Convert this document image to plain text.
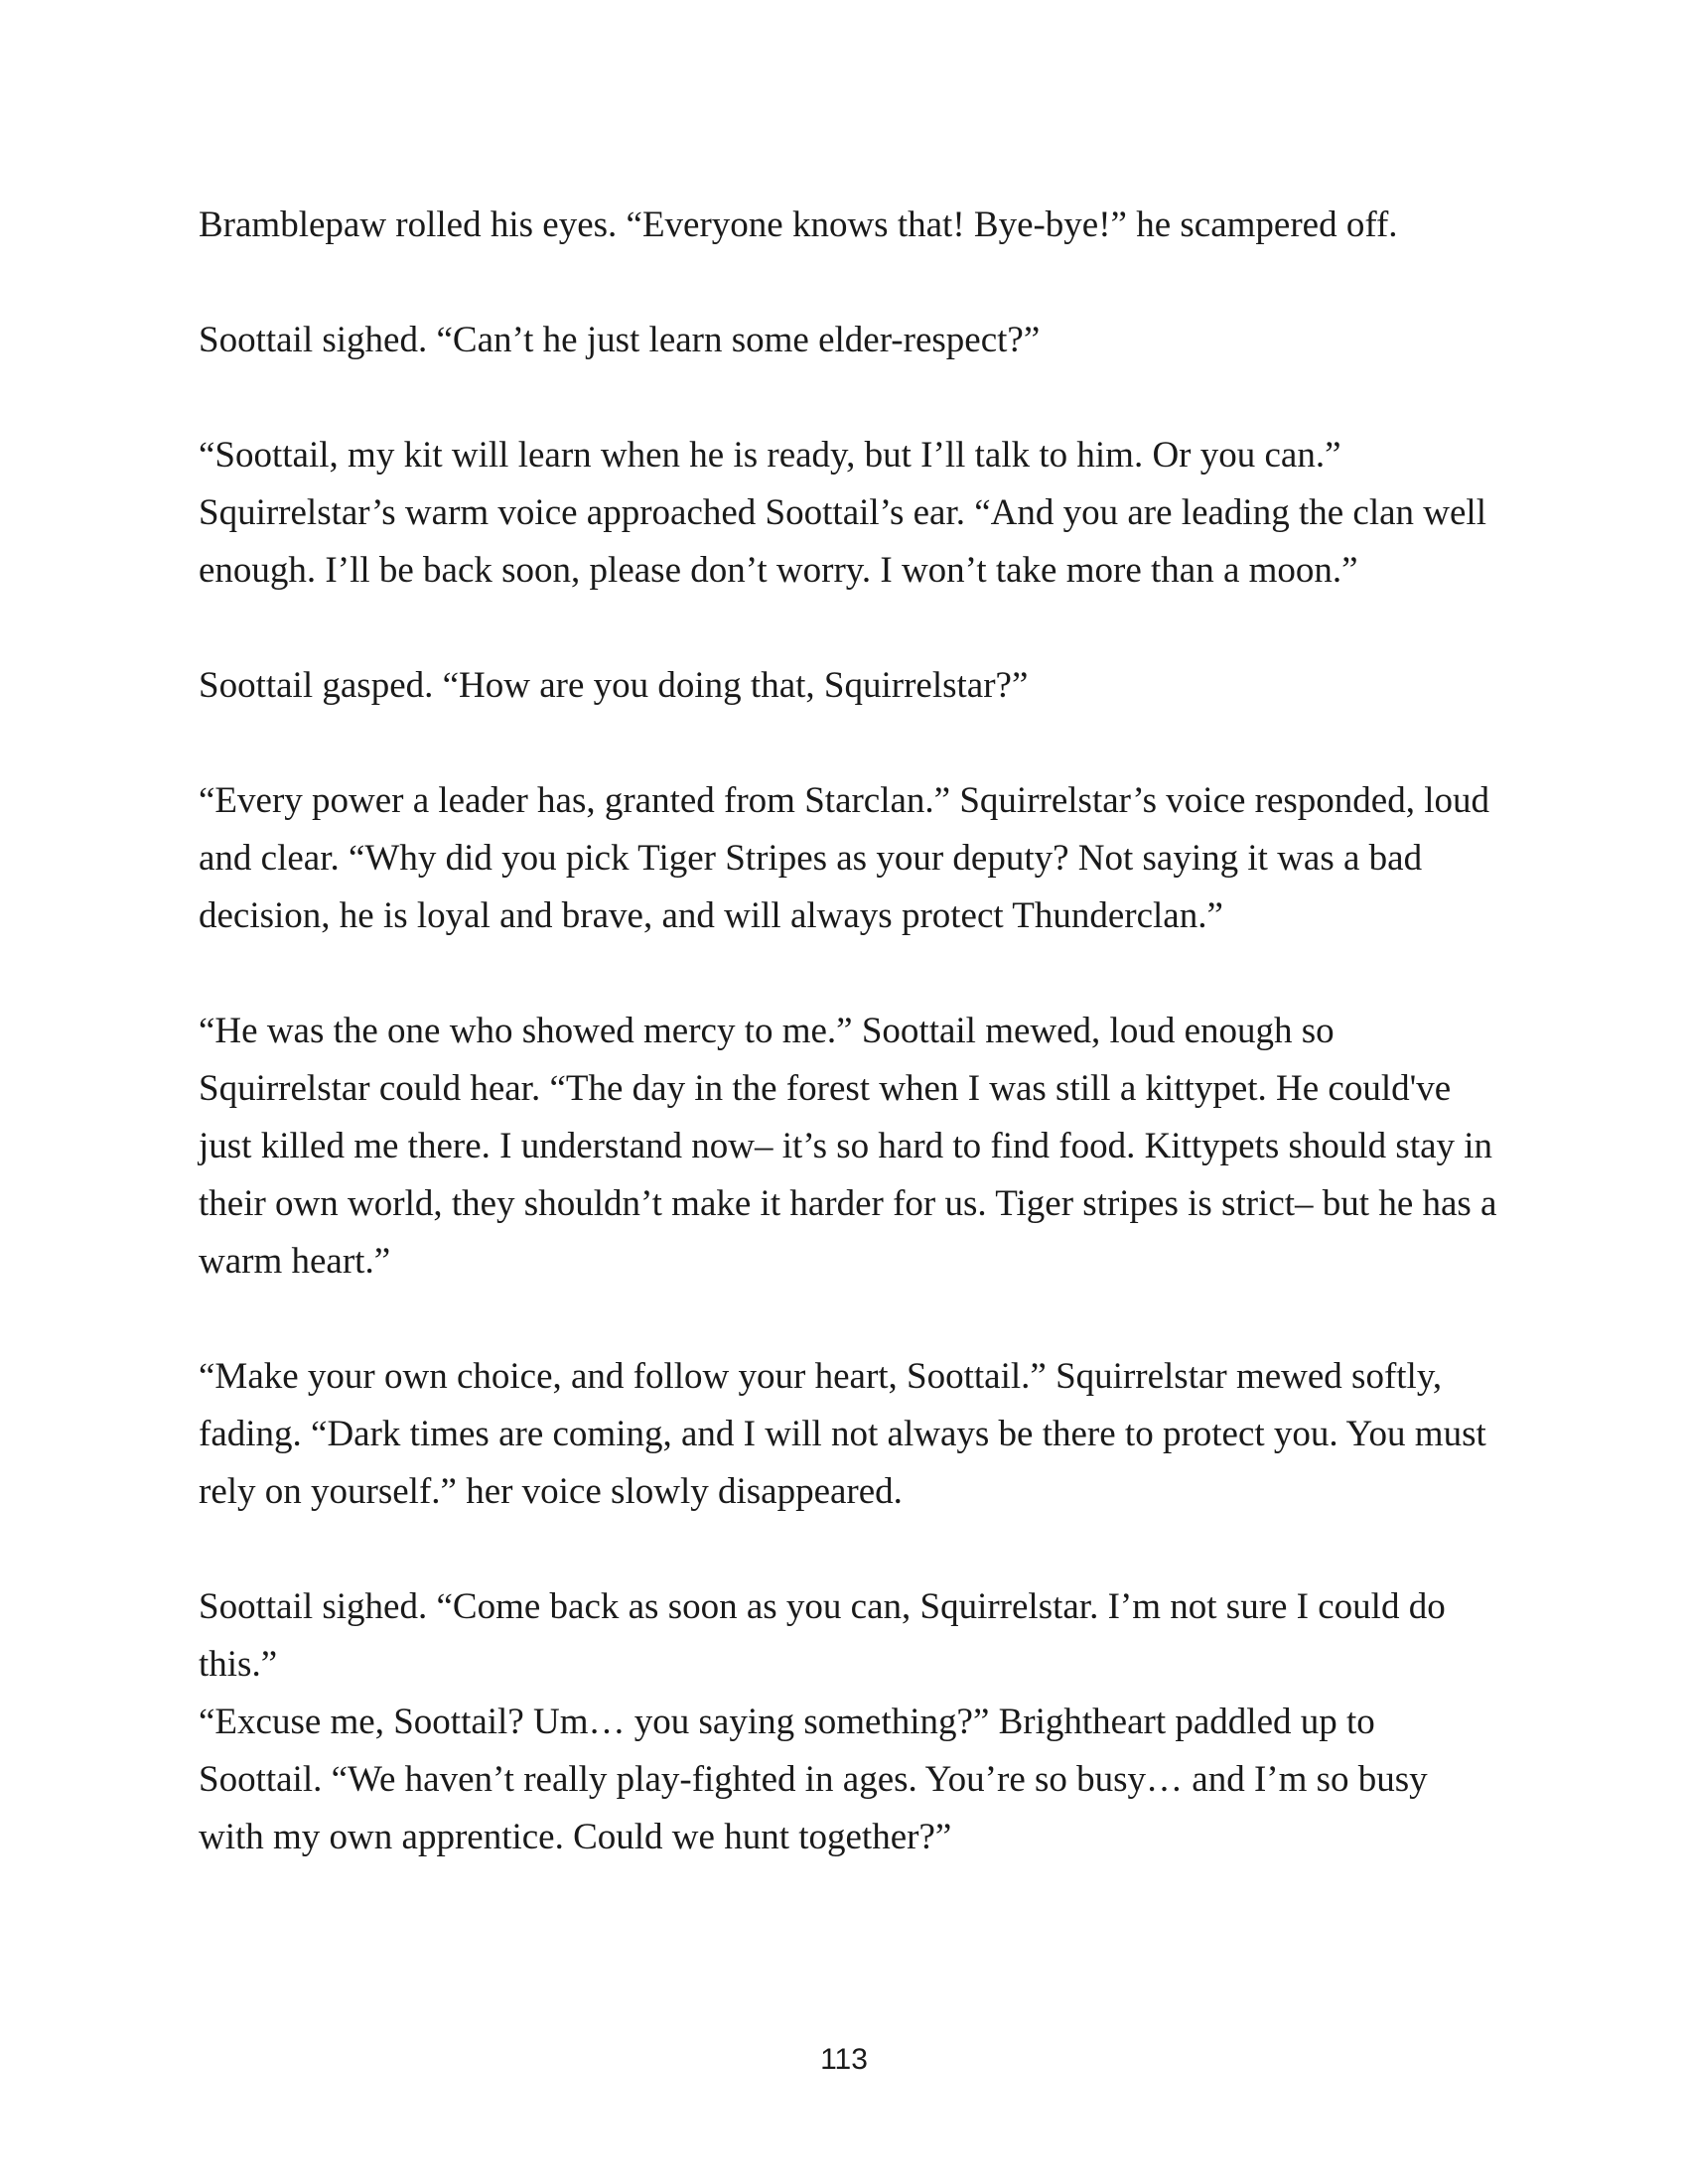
Bramblepaw rolled his eyes. “Everyone knows that! Bye-bye!” he scampered off.

Soottail sighed. “Can’t he just learn some elder-respect?”

“Soottail, my kit will learn when he is ready, but I’ll talk to him. Or you can.” Squirrelstar’s warm voice approached Soottail’s ear. “And you are leading the clan well enough. I’ll be back soon, please don’t worry. I won’t take more than a moon.”

Soottail gasped. “How are you doing that, Squirrelstar?”

“Every power a leader has, granted from Starclan.” Squirrelstar’s voice responded, loud and clear. “Why did you pick Tiger Stripes as your deputy? Not saying it was a bad decision, he is loyal and brave, and will always protect Thunderclan.”

“He was the one who showed mercy to me.” Soottail mewed, loud enough so Squirrelstar could hear. “The day in the forest when I was still a kittypet. He could've just killed me there. I understand now– it’s so hard to find food. Kittypets should stay in their own world, they shouldn’t make it harder for us. Tiger stripes is strict– but he has a warm heart.”

“Make your own choice, and follow your heart, Soottail.” Squirrelstar mewed softly, fading. “Dark times are coming, and I will not always be there to protect you. You must rely on yourself.” her voice slowly disappeared.

Soottail sighed. “Come back as soon as you can, Squirrelstar. I’m not sure I could do this.”

“Excuse me, Soottail? Um… you saying something?” Brightheart paddled up to Soottail. “We haven’t really play-fighted in ages. You’re so busy… and I’m so busy with my own apprentice. Could we hunt together?”

113
